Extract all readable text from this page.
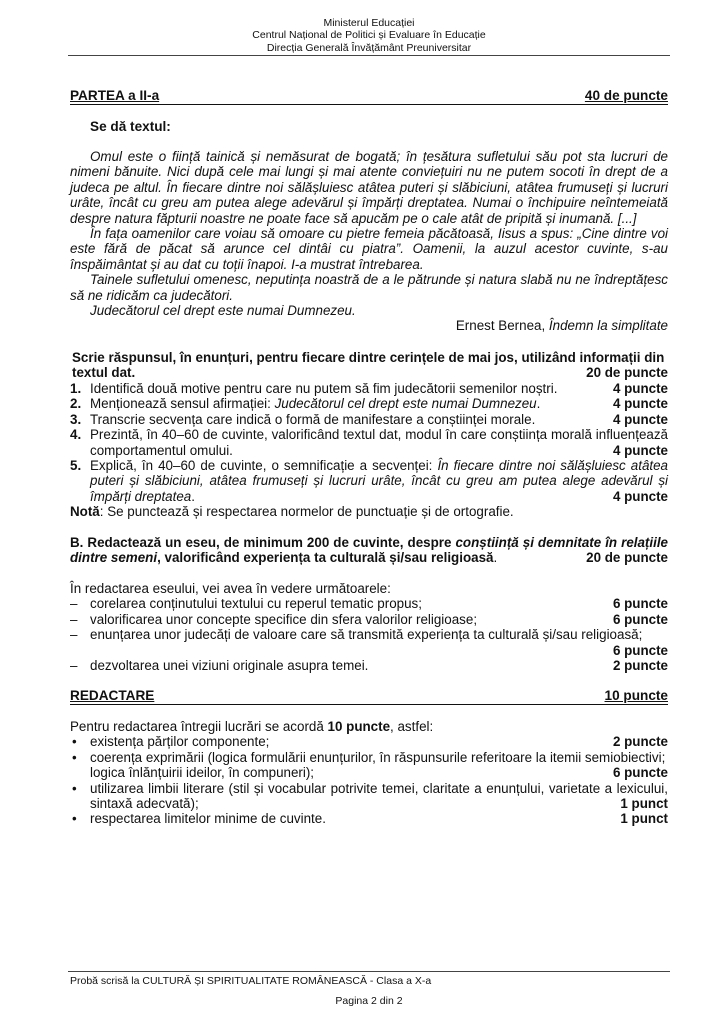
Ministerul Educației
Centrul Național de Politici și Evaluare în Educație
Direcția Generală Învățământ Preuniversitar
PARTEA a II-a	40 de puncte
Se dă textul:
Omul este o ființă tainică și nemăsurat de bogată; în țesătura sufletului său pot sta lucruri de nimeni bănuite. Nici după cele mai lungi și mai atente conviețuiri nu ne putem socoti în drept de a judeca pe altul. În fiecare dintre noi sălășluiesc atâtea puteri și slăbiciuni, atâtea frumuseți și lucruri urâte, încât cu greu am putea alege adevărul și împărți dreptatea. Numai o închipuire neîntemeiată despre natura făpturii noastre ne poate face să apucăm pe o cale atât de pripită și inumană. [...]
În fața oamenilor care voiau să omoare cu pietre femeia păcătoasă, Iisus a spus: „Cine dintre voi este fără de păcat să arunce cel dintâi cu piatra”. Oamenii, la auzul acestor cuvinte, s-au înspăimântat și au dat cu toții înapoi. I-a mustrat întrebarea.
Tainele sufletului omenesc, neputința noastră de a le pătrunde și natura slabă nu ne îndreptățesc să ne ridicăm ca judecători.
Judecătorul cel drept este numai Dumnezeu.
Ernest Bernea, Îndemn la simplitate
Scrie răspunsul, în enunțuri, pentru fiecare dintre cerințele de mai jos, utilizând informații din textul dat.	20 de puncte
1. Identifică două motive pentru care nu putem să fim judecătorii semenilor noștri.	4 puncte
2. Menționează sensul afirmației: Judecătorul cel drept este numai Dumnezeu.	4 puncte
3. Transcrie secvența care indică o formă de manifestare a conștiinței morale.	4 puncte
4. Prezintă, în 40–60 de cuvinte, valorificând textul dat, modul în care conștiința morală influențează comportamentul omului.	4 puncte
5. Explică, în 40–60 de cuvinte, o semnificație a secvenței: În fiecare dintre noi sălășluiesc atâtea puteri și slăbiciuni, atâtea frumuseți și lucruri urâte, încât cu greu am putea alege adevărul și împărți dreptatea.	4 puncte
Notă: Se punctează și respectarea normelor de punctuație și de ortografie.
B. Redactează un eseu, de minimum 200 de cuvinte, despre conștiință și demnitate în relațiile dintre semeni, valorificând experiența ta culturală și/sau religioasă.	20 de puncte
În redactarea eseului, vei avea în vedere următoarele:
– corelarea conținutului textului cu reperul tematic propus;	6 puncte
– valorificarea unor concepte specifice din sfera valorilor religioase;	6 puncte
– enunțarea unor judecăți de valoare care să transmită experiența ta culturală și/sau religioasă;
6 puncte
– dezvoltarea unei viziuni originale asupra temei.	2 puncte
REDACTARE	10 puncte
Pentru redactarea întregii lucrări se acordă 10 puncte, astfel:
• existența părților componente;	2 puncte
• coerența exprimării (logica formulării enunțurilor, în răspunsurile referitoare la itemii semiobiectivi; logica înlănțuirii ideilor, în compuneri);	6 puncte
• utilizarea limbii literare (stil și vocabular potrivite temei, claritate a enunțului, varietate a lexicului, sintaxă adecvată);	1 punct
• respectarea limitelor minime de cuvinte.	1 punct
Probă scrisă la CULTURĂ ȘI SPIRITUALITATE ROMÂNEASCĂ - Clasa a X-a
Pagina 2 din 2
